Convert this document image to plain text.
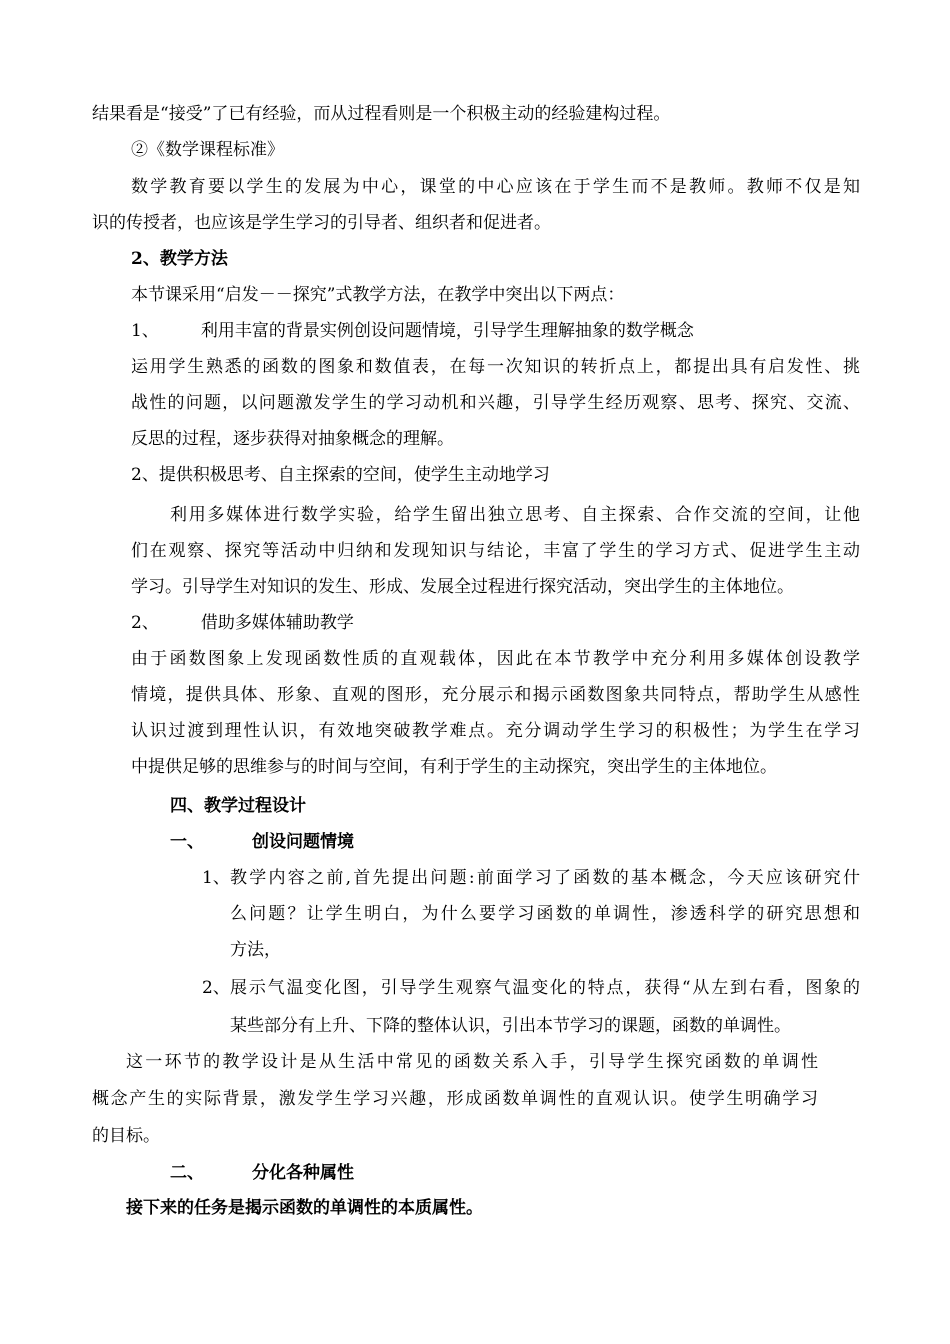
结果看是“接受”了已有经验，而从过程看则是一个积极主动的经验建构过程。
②《数学课程标准》
数学教育要以学生的发展为中心，课堂的中心应该在于学生而不是教师。教师不仅是知
识的传授者，也应该是学生学习的引导者、组织者和促进者。
2、教学方法
本节课采用“启发－－探究”式教学方法，在教学中突出以下两点：
1、 利用丰富的背景实例创设问题情境，引导学生理解抽象的数学概念
运用学生熟悉的函数的图象和数值表，在每一次知识的转折点上，都提出具有启发性、挑
战性的问题，以问题激发学生的学习动机和兴趣，引导学生经历观察、思考、探究、交流、
反思的过程，逐步获得对抽象概念的理解。
2、提供积极思考、自主探索的空间，使学生主动地学习
利用多媒体进行数学实验，给学生留出独立思考、自主探索、合作交流的空间，让他
们在观察、探究等活动中归纳和发现知识与结论，丰富了学生的学习方式、促进学生主动
学习。引导学生对知识的发生、形成、发展全过程进行探究活动，突出学生的主体地位。
2、 借助多媒体辅助教学
由于函数图象上发现函数性质的直观载体，因此在本节教学中充分利用多媒体创设教学
情境，提供具体、形象、直观的图形，充分展示和揭示函数图象共同特点，帮助学生从感性
认识过渡到理性认识，有效地突破教学难点。充分调动学生学习的积极性；为学生在学习
中提供足够的思维参与的时间与空间，有利于学生的主动探究，突出学生的主体地位。
四、教学过程设计
一、	创设问题情境
1、 教学内容之前,首先提出问题:前面学习了函数的基本概念，今天应该研究什
么问题？让学生明白，为什么要学习函数的单调性，渗透科学的研究思想和
方法，
2、 展示气温变化图，引导学生观察气温变化的特点，获得“从左到右看，图象的
某些部分有上升、下降的整体认识，引出本节学习的课题，函数的单调性。
这一环节的教学设计是从生活中常见的函数关系入手，引导学生探究函数的单调性
概念产生的实际背景，激发学生学习兴趣，形成函数单调性的直观认识。使学生明确学习
的目标。
二、	分化各种属性
接下来的任务是揭示函数的单调性的本质属性。
